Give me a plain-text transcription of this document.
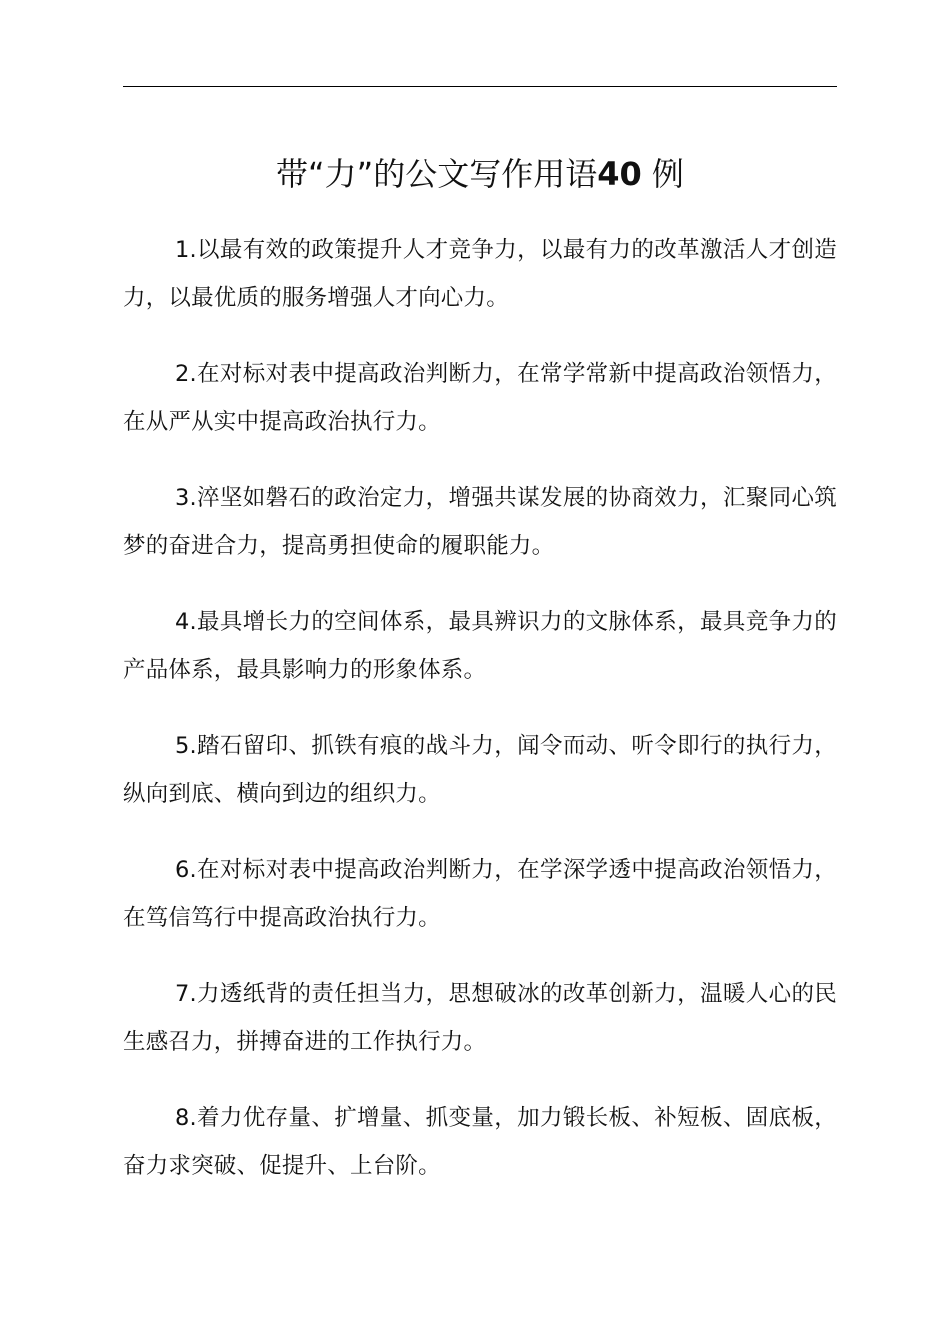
带“力”的公文写作用语40 例

1.以最有效的政策提升人才竞争力，以最有力的改革激活人才创造力，以最优质的服务增强人才向心力。

2.在对标对表中提高政治判断力，在常学常新中提高政治领悟力，在从严从实中提高政治执行力。

3.淬坚如磐石的政治定力，增强共谋发展的协商效力，汇聚同心筑梦的奋进合力，提高勇担使命的履职能力。

4.最具增长力的空间体系，最具辨识力的文脉体系，最具竞争力的产品体系，最具影响力的形象体系。

5.踏石留印、抓铁有痕的战斗力，闻令而动、听令即行的执行力，纵向到底、横向到边的组织力。

6.在对标对表中提高政治判断力，在学深学透中提高政治领悟力，在笃信笃行中提高政治执行力。

7.力透纸背的责任担当力，思想破冰的改革创新力，温暖人心的民生感召力，拼搏奋进的工作执行力。

8.着力优存量、扩增量、抓变量，加力锻长板、补短板、固底板，奋力求突破、促提升、上台阶。
